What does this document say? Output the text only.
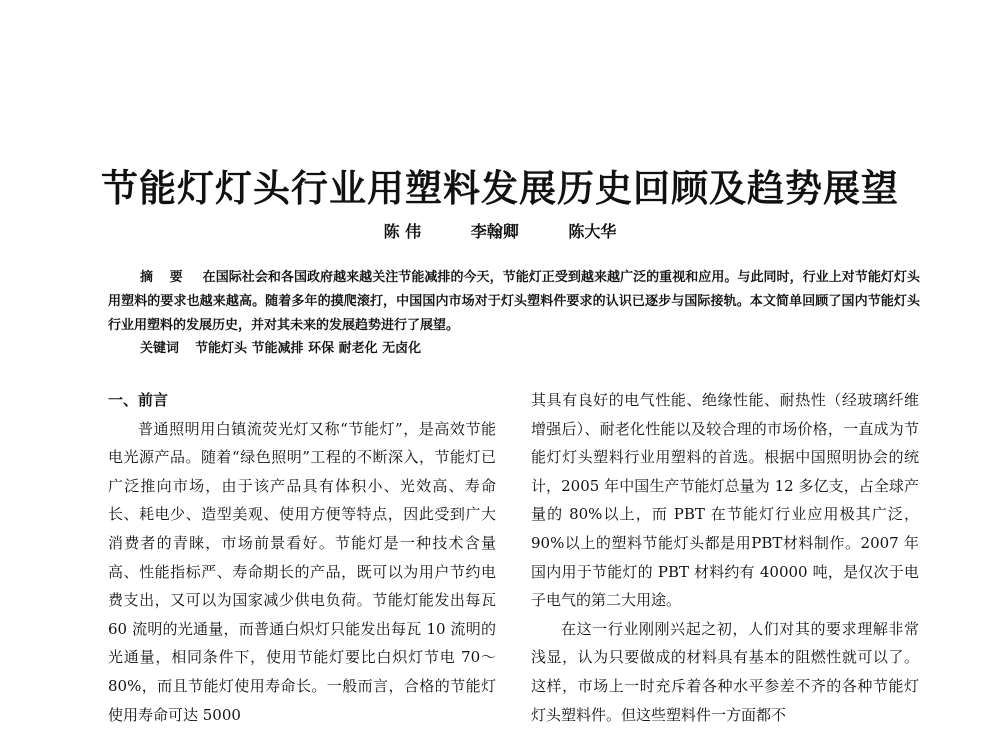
节能灯灯头行业用塑料发展历史回顾及趋势展望
陈 伟	李翰卿	陈大华
摘 要 在国际社会和各国政府越来越关注节能减排的今天，节能灯正受到越来越广泛的重视和应用。与此同时，行业上对节能灯灯头用塑料的要求也越来越高。随着多年的摸爬滚打，中国国内市场对于灯头塑料件要求的认识已逐步与国际接轨。本文简单回顾了国内节能灯头行业用塑料的发展历史，并对其未来的发展趋势进行了展望。
关键词 节能灯头 节能减排 环保 耐老化 无卤化

一、前言

普通照明用白镇流荧光灯又称“节能灯”，是高效节能电光源产品。随着“绿色照明”工程的不断深入，节能灯已广泛推向市场，由于该产品具有体积小、光效高、寿命长、耗电少、造型美观、使用方便等特点，因此受到广大消费者的青睐，市场前景看好。节能灯是一种技术含量高、性能指标严、寿命期长的产品，既可以为用户节约电费支出，又可以为国家减少供电负荷。节能灯能发出每瓦 60 流明的光通量，而普通白炽灯只能发出每瓦 10 流明的光通量，相同条件下，使用节能灯要比白炽灯节电 70～80%，而且节能灯使用寿命长。一般而言，合格的节能灯使用寿命可达 5000

其具有良好的电气性能、绝缘性能、耐热性（经玻璃纤维增强后）、耐老化性能以及较合理的市场价格，一直成为节能灯灯头塑料行业用塑料的首选。根据中国照明协会的统计，2005 年中国生产节能灯总量为 12 多亿支，占全球产量的 80%以上，而 PBT 在节能灯行业应用极其广泛，90%以上的塑料节能灯头都是用PBT材料制作。2007 年国内用于节能灯的 PBT 材料约有 40000 吨，是仅次于电子电气的第二大用途。

在这一行业刚刚兴起之初，人们对其的要求理解非常浅显，认为只要做成的材料具有基本的阻燃性就可以了。这样，市场上一时充斥着各种水平参差不齐的各种节能灯灯头塑料件。但这些塑料件一方面都不
